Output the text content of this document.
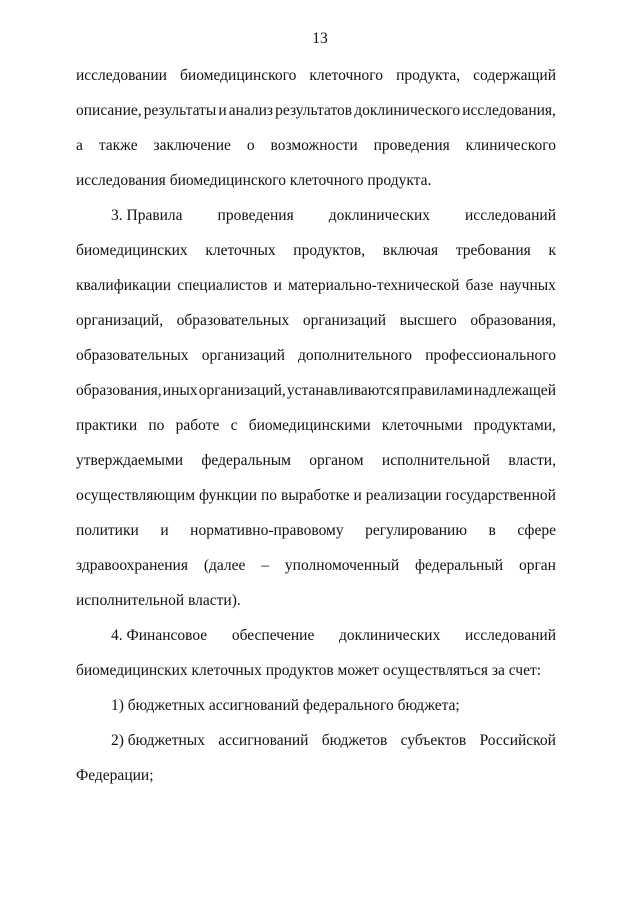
13
исследовании биомедицинского клеточного продукта, содержащий
описание, результаты и анализ результатов доклинического исследования,
а также заключение о возможности проведения клинического
исследования биомедицинского клеточного продукта.
3. Правила проведения доклинических исследований
биомедицинских клеточных продуктов, включая требования к
квалификации специалистов и материально-технической базе научных
организаций, образовательных организаций высшего образования,
образовательных организаций дополнительного профессионального
образования, иных организаций, устанавливаются правилами надлежащей
практики по работе с биомедицинскими клеточными продуктами,
утверждаемыми федеральным органом исполнительной власти,
осуществляющим функции по выработке и реализации государственной
политики и нормативно-правовому регулированию в сфере
здравоохранения (далее – уполномоченный федеральный орган
исполнительной власти).
4. Финансовое обеспечение доклинических исследований
биомедицинских клеточных продуктов может осуществляться за счет:
1) бюджетных ассигнований федерального бюджета;
2) бюджетных ассигнований бюджетов субъектов Российской
Федерации;
